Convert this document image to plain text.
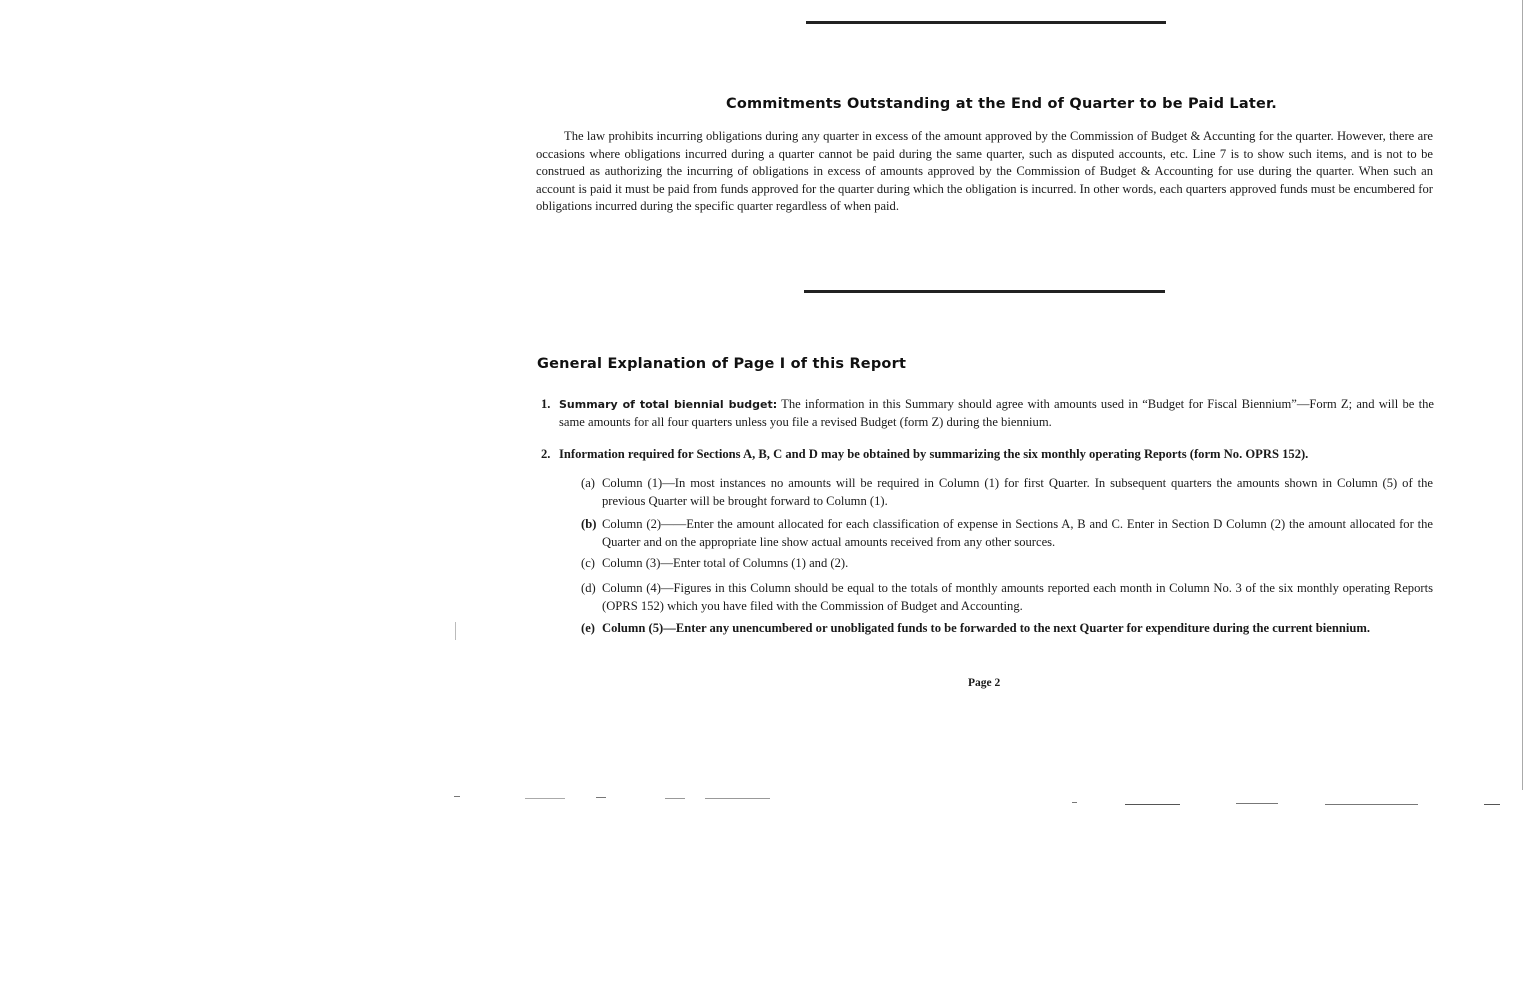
Commitments Outstanding at the End of Quarter to be Paid Later.
The law prohibits incurring obligations during any quarter in excess of the amount approved by the Commission of Budget & Acc​unting for the quarter. However, there are occasions where obligations incurred during a quarter cannot be paid during the same quarter, such as disputed accounts, etc. Line 7 is to show such items, and is not to be construed as authorizing the incurring of obligations in excess of amounts approved by the Commission of Budget & Accounting for use during the quarter. When such an account is paid it must be paid from funds approved for the quarter during which the obligation is incurred. In other words, each quarters approved funds must be encumbered for obligations incurred during the specific quarter regardless of when paid.
General Explanation of Page I of this Report
1. Summary of total biennial budget: The information in this Summary should agree with amounts used in “Budget for Fiscal Biennium”—Form Z; and will be the same amounts for all four quarters unless you file a revised Budget (form Z) during the biennium.
2. Information required for Sections A, B, C and D may be obtained by summarizing the six monthly operating Reports (form No. OPRS 152).
(a) Column (1)—In most instances no amounts will be required in Column (1) for first Quarter. In subsequent quarters the amounts shown in Column (5) of the previous Quarter will be brought forward to Column (1).
(b) Column (2)——Enter the amount allocated for each classification of expense in Sections A, B and C. Enter in Section D Column (2) the amount allocated for the Quarter and on the appropriate line show actual amounts received from any other sources.
(c) Column (3)—Enter total of Columns (1) and (2).
(d) Column (4)—Figures in this Column should be equal to the totals of monthly amounts reported each month in Column No. 3 of the six monthly operating Reports (OPRS 152) which you have filed with the Commission of Budget and Accounting.
(e) Column (5)—Enter any unencumbered or unobligated funds to be forwarded to the next Quarter for expenditure during the current biennium.
Page 2
